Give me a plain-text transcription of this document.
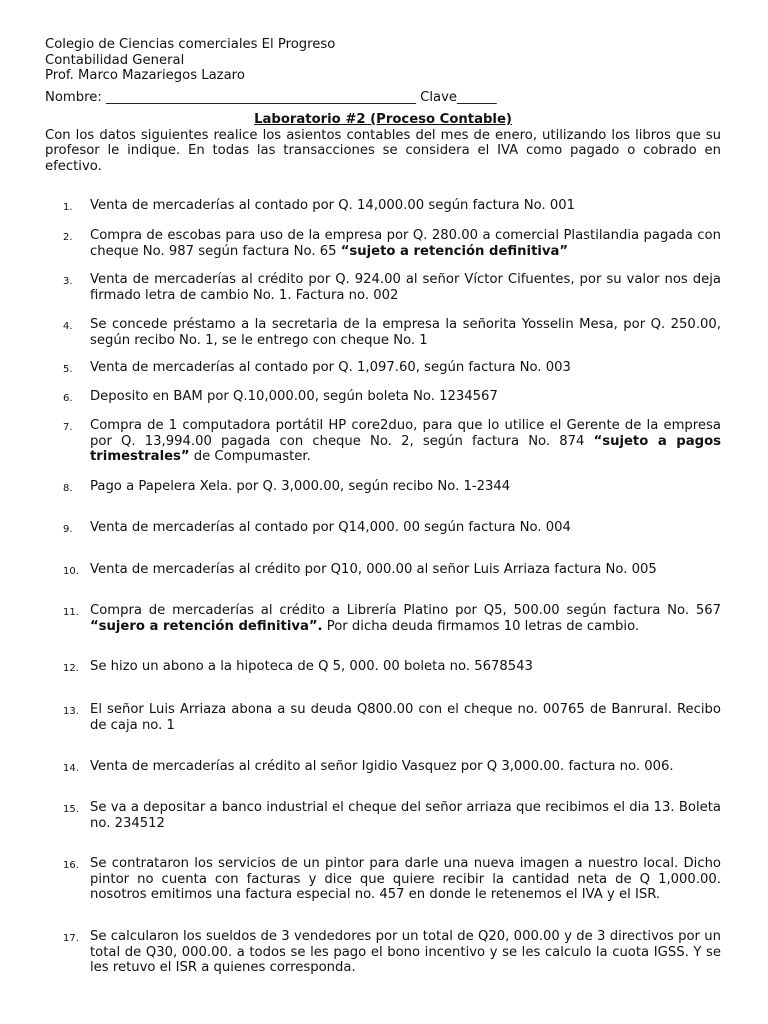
Colegio de Ciencias comerciales El Progreso
Contabilidad General
Prof. Marco Mazariegos Lazaro
Nombre: _______________________________________________ Clave______
Laboratorio #2 (Proceso Contable)
Con los datos siguientes realice los asientos contables del mes de enero, utilizando los libros que su profesor le indique. En todas las transacciones se considera el IVA como pagado o cobrado en efectivo.
1.	Venta de mercaderías al contado por Q. 14,000.00 según factura No. 001
2.	Compra de escobas para uso de la empresa por Q. 280.00 a comercial Plastilandia pagada con cheque No. 987 según factura No. 65 “sujeto a retención definitiva”
3.	Venta de mercaderías al crédito por Q. 924.00 al señor Víctor Cifuentes, por su valor nos deja firmado letra de cambio No. 1. Factura no. 002
4.	Se concede préstamo a la secretaria de la empresa la señorita Yosselin Mesa, por Q. 250.00, según recibo No. 1, se le entrego con cheque No. 1
5.	Venta de mercaderías al contado por Q. 1,097.60, según factura No. 003
6.	Deposito en BAM por Q.10,000.00, según boleta No. 1234567
7.	Compra de 1 computadora portátil HP core2duo, para que lo utilice el Gerente de la empresa por Q. 13,994.00 pagada con cheque No. 2, según factura No. 874 “sujeto a pagos trimestrales” de Compumaster.
8.	Pago a Papelera Xela. por Q. 3,000.00, según recibo No. 1-2344
9.	Venta de mercaderías al contado por Q14,000. 00 según factura No. 004
10. Venta de mercaderías al crédito por Q10, 000.00 al señor Luis Arriaza factura No. 005
11. Compra de mercaderías al crédito a Librería Platino por Q5, 500.00 según factura No. 567 “sujero a retención definitiva”. Por dicha deuda firmamos 10 letras de cambio.
12. Se hizo un abono a la hipoteca de Q 5, 000. 00 boleta no. 5678543
13. El señor Luis Arriaza abona a su deuda Q800.00 con el cheque no. 00765 de Banrural. Recibo de caja no. 1
14. Venta de mercaderías al crédito al señor Igidio Vasquez por Q 3,000.00. factura no. 006.
15. Se va a depositar a banco industrial el cheque del señor arriaza que recibimos el dia 13. Boleta no. 234512
16. Se contrataron los servicios de un pintor para darle una nueva imagen a nuestro local. Dicho pintor no cuenta con facturas y dice que quiere recibir la cantidad neta de Q 1,000.00. nosotros emitimos una factura especial no. 457 en donde le retenemos el IVA y el ISR.
17. Se calcularon los sueldos de 3 vendedores por un total de Q20, 000.00 y de 3 directivos por un total de Q30, 000.00. a todos se les pago el bono incentivo y se les calculo la cuota IGSS. Y se les retuvo el ISR a quienes corresponda.
